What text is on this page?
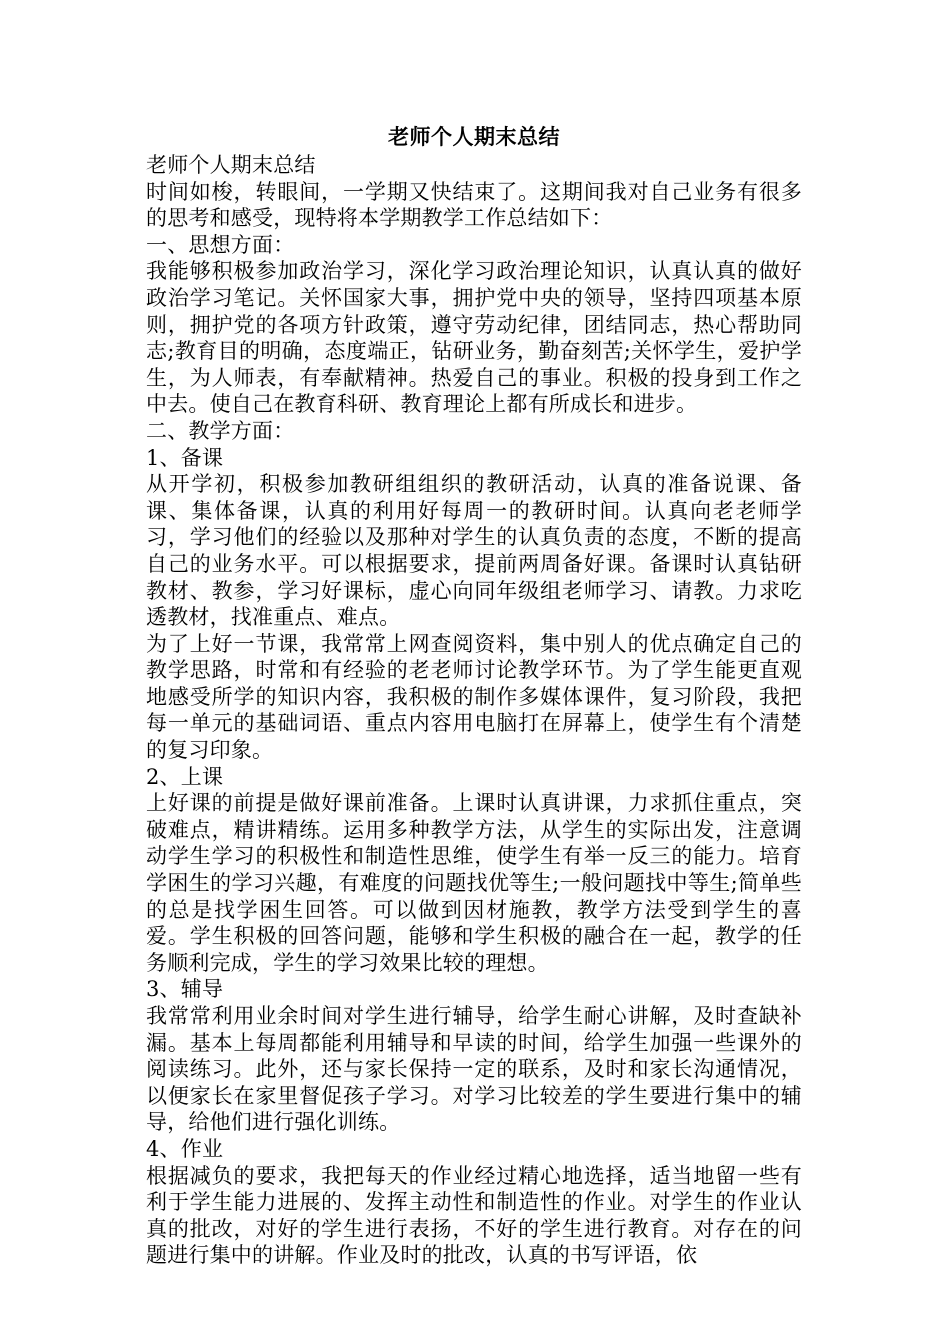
老师个人期末总结

老师个人期末总结

时间如梭，转眼间，一学期又快结束了。这期间我对自己业务有很多的思考和感受，现特将本学期教学工作总结如下：

一、思想方面：

我能够积极参加政治学习，深化学习政治理论知识，认真认真的做好政治学习笔记。关怀国家大事，拥护党中央的领导，坚持四项基本原则，拥护党的各项方针政策，遵守劳动纪律，团结同志，热心帮助同志;教育目的明确，态度端正，钻研业务，勤奋刻苦;关怀学生，爱护学生，为人师表，有奉献精神。热爱自己的事业。积极的投身到工作之中去。使自己在教育科研、教育理论上都有所成长和进步。

二、教学方面：

1、备课

从开学初，积极参加教研组组织的教研活动，认真的准备说课、备课、集体备课，认真的利用好每周一的教研时间。认真向老老师学习，学习他们的经验以及那种对学生的认真负责的态度，不断的提高自己的业务水平。可以根据要求，提前两周备好课。备课时认真钻研教材、教参，学习好课标，虚心向同年级组老师学习、请教。力求吃透教材，找准重点、难点。

为了上好一节课，我常常上网查阅资料，集中别人的优点确定自己的教学思路，时常和有经验的老老师讨论教学环节。为了学生能更直观地感受所学的知识内容，我积极的制作多媒体课件，复习阶段，我把每一单元的基础词语、重点内容用电脑打在屏幕上，使学生有个清楚的复习印象。

2、上课

上好课的前提是做好课前准备。上课时认真讲课，力求抓住重点，突破难点，精讲精练。运用多种教学方法，从学生的实际出发，注意调动学生学习的积极性和制造性思维，使学生有举一反三的能力。培育学困生的学习兴趣，有难度的问题找优等生;一般问题找中等生;简单些的总是找学困生回答。可以做到因材施教，教学方法受到学生的喜爱。学生积极的回答问题，能够和学生积极的融合在一起，教学的任务顺利完成，学生的学习效果比较的理想。

3、辅导

我常常利用业余时间对学生进行辅导，给学生耐心讲解，及时查缺补漏。基本上每周都能利用辅导和早读的时间，给学生加强一些课外的阅读练习。此外，还与家长保持一定的联系，及时和家长沟通情况，以便家长在家里督促孩子学习。对学习比较差的学生要进行集中的辅导，给他们进行强化训练。

4、作业

根据减负的要求，我把每天的作业经过精心地选择，适当地留一些有利于学生能力进展的、发挥主动性和制造性的作业。对学生的作业认真的批改，对好的学生进行表扬，不好的学生进行教育。对存在的问题进行集中的讲解。作业及时的批改，认真的书写评语，依
